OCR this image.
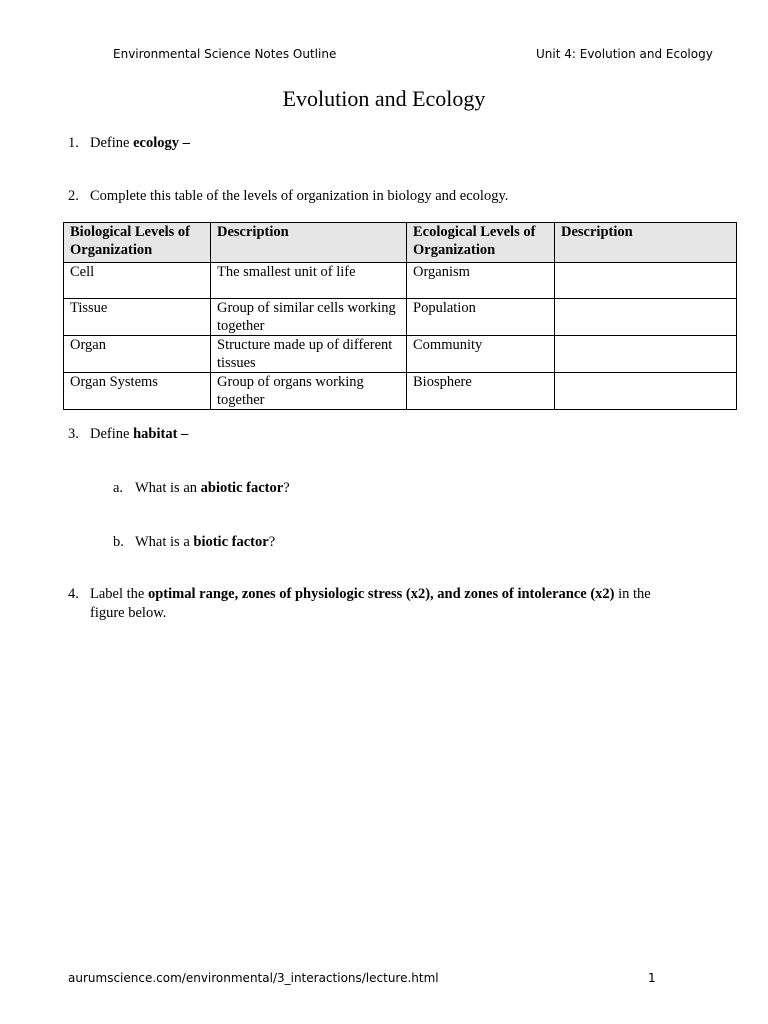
Environmental Science Notes Outline	Unit 4: Evolution and Ecology
Evolution and Ecology
1. Define ecology –
2. Complete this table of the levels of organization in biology and ecology.
Biological Levels of Organization	Description	Ecological Levels of Organization	Description
Cell	The smallest unit of life	Organism	
Tissue	Group of similar cells working together	Population	
Organ	Structure made up of different tissues	Community	
Organ Systems	Group of organs working together	Biosphere	
3. Define habitat –
a. What is an abiotic factor?
b. What is a biotic factor?
4. Label the optimal range, zones of physiologic stress (x2), and zones of intolerance (x2) in the
figure below.
aurumscience.com/environmental/3_interactions/lecture.html	1
